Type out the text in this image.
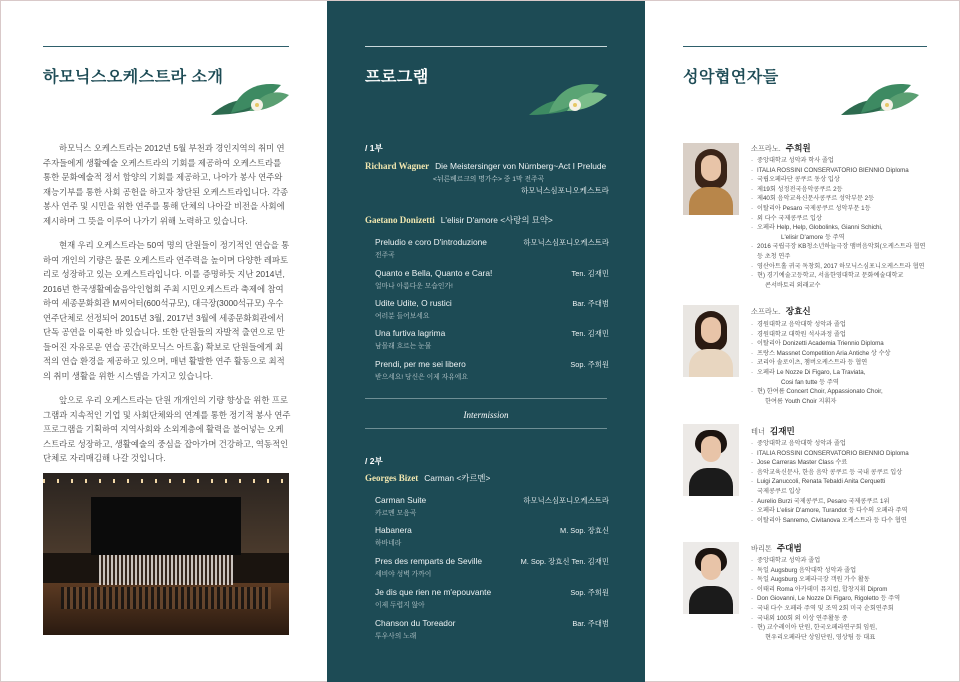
하모닉스오케스트라 소개

하모닉스 오케스트라는 2012년 5월 부천과 경인지역의 취미 연주자들에게 생활예술 오케스트라의 기회를 제공하여 오케스트라를 통한 문화예술적 정서 함양의 기회를 제공하고, 나아가 봉사 연주와 재능기부를 통한 사회 공헌을 하고자 창단된 오케스트라입니다. 각종 봉사 연주 및 시민을 위한 연주를 통해 단체의 나아갈 비전을 사회에 제시하며 그 뜻을 이루어 나가기 위해 노력하고 있습니다.

현재 우리 오케스트라는 50여 명의 단원들이 정기적인 연습을 통하여 개인의 기량은 물론 오케스트라 연주력을 높이며 다양한 레파토리로 성장하고 있는 오케스트라입니다. 이를 증명하듯 지난 2014년, 2016년 한국생활예술음악인협회 주최 시민오케스트라 축제에 참여하여 세종문화회관 M씨어터(600석규모), 대극장(3000석규모) 우수연주단체로 선정되어 2015년 3월, 2017년 3월에 세종문화회관에서 단독 공연을 이룩한 바 있습니다. 또한 단원들의 자발적 출연으로 만들어진 자유로운 연습 공간(하모닉스 아트홀) 확보로 단원들에게 최적의 연습 환경을 제공하고 있으며, 매년 활발한 연주 활동으로 최적의 취미 생활을 위한 시스템을 가지고 있습니다.

앞으로 우리 오케스트라는 단원 개개인의 기량 향상을 위한 프로그램과 지속적인 기업 및 사회단체와의 연계를 통한 정기적 봉사 연주 프로그램을 기획하여 지역사회와 소외계층에 활력을 불어넣는 오케스트라로 성장하고, 생활예술의 중심을 잡아가며 건강하고, 역동적인 단체로 자리매김해 나갈 것입니다.

프로그램
/ 1부
Richard Wagner Die Meistersinger von Nürnberg~Act I Prelude
<뉘른베르크의 명가수> 중 1막 전주곡
하모닉스심포니오케스트라
Gaetano Donizetti L'elisir D'amore <사랑의 묘약>
Preludio e coro D'introduzione
전주곡
하모닉스심포니오케스트라
Quanto e Bella, Quanto e Cara!
얼마나 아름다운 모습인가!
Ten. 김재민
Udite Udite, O rustici
여러분 들어보세요
Bar. 주대범
Una furtiva lagrima
남몰래 흐르는 눈물
Ten. 김재민
Prendi, per me sei libero
받으세요! 당신은 이제 자유에요
Sop. 주희원
Intermission
/ 2부
Georges Bizet Carman <카르멘>
Carman Suite
카르멘 모음곡
하모닉스심포니오케스트라
Habanera
하바네라
M. Sop. 장효신
Pres des remparts de Seville
세비야 성벽 가까이
M. Sop. 장효신 Ten. 김재민
Je dis que rien ne m'epouvante
이제 두렵지 않아
Sop. 주희원
Chanson du Toreador
투우사의 노래
Bar. 주대범
성악협연자들
소프라노. 주희원
· 중앙대학교 성악과 학사 졸업
· ITALIA ROSSINI CONSERVATORIO BIENNIO Diploma
· 국립오페라단 콩쿠르 동상 입상
· 제19회 성정전국음악콩쿠르 2등
· 제40회 음악교육신문사콩쿠르 성악부문 2등
· 이탈리아 Pesaro 국제콩쿠르 성악부문 1등
· 외 다수 국제콩쿠르 입상
· 오페라 Help, Help, Globolinks, Gianni Schichi,
L'elisir D'amore 등 주역
· 2016 국립극장 KB청소년하늘극장 맴버음악회(오케스트라 협연
등 초청 연주
· 영산아트홀 귀국 독창회, 2017 하모닉스심포니오케스트라 협연
· 현) 경기예술고등학교, 서울한영대학교 문화예술대학교
콘서바토리 외래교수
소프라노. 장효신
· 경원대학교 음악대학 성악과 졸업
· 경원대학교 대학원 석사과정 졸업
· 이탈리아 Donizetti Academia Triennio Diploma
· 프랑스 Massnet Competition Aria Antiche 상 수상
· 코리아 솔로이츠, 챔버오케스트라 등 협연
· 오페라 Le Nozze Di Figaro, La Traviata,
Cosi fan tutte 등 주역
· 현) 한여름 Concert Choir, Appassionato Choir,
한여름 Youth Choir 지휘자
테너 김재민
· 중앙대학교 음악대학 성악과 졸업
· ITALIA ROSSINI CONSERVATORIO BIENNIO Diploma
· Jose Carreras Master Class 수료
· 음악교육신문사, 한음 음악 콩쿠르 등 국내 콩쿠르 입상
· Luigi Zanuccoli, Renata Tebaldi Anita Cerquetti
국제콩쿠르 입상
· Aurelio Burzi 국제콩쿠르, Pesaro 국제콩쿠르 1위
· 오페라 L'elisir D'amore, Turandot 등 다수의 오페라 주역
· 이탈리아 Sanremo, Civitanova 오케스트라 등 다수 협연
바리톤 주대범
· 중앙대학교 성악과 졸업
· 독일 Augsburg 음악대학 성악과 졸업
· 독일 Augsburg 오페라극장 객원 가수 활동
· 이태리 Roma 아카데미 뮤지컬, 합창지휘 Diprom
· Don Giovanni, Le Nozze Di Figaro, Rigoletto 등 주역
· 국내 다수 오페라 주역 및 조역 2회 미국 순회연주회
· 국내외 100회 외 이상 연주활동 중
· 현) 교수레이아 단원, 한국오페라연구회 임원,
현우리오페라단 상임단원, 영상팀 등 대표
